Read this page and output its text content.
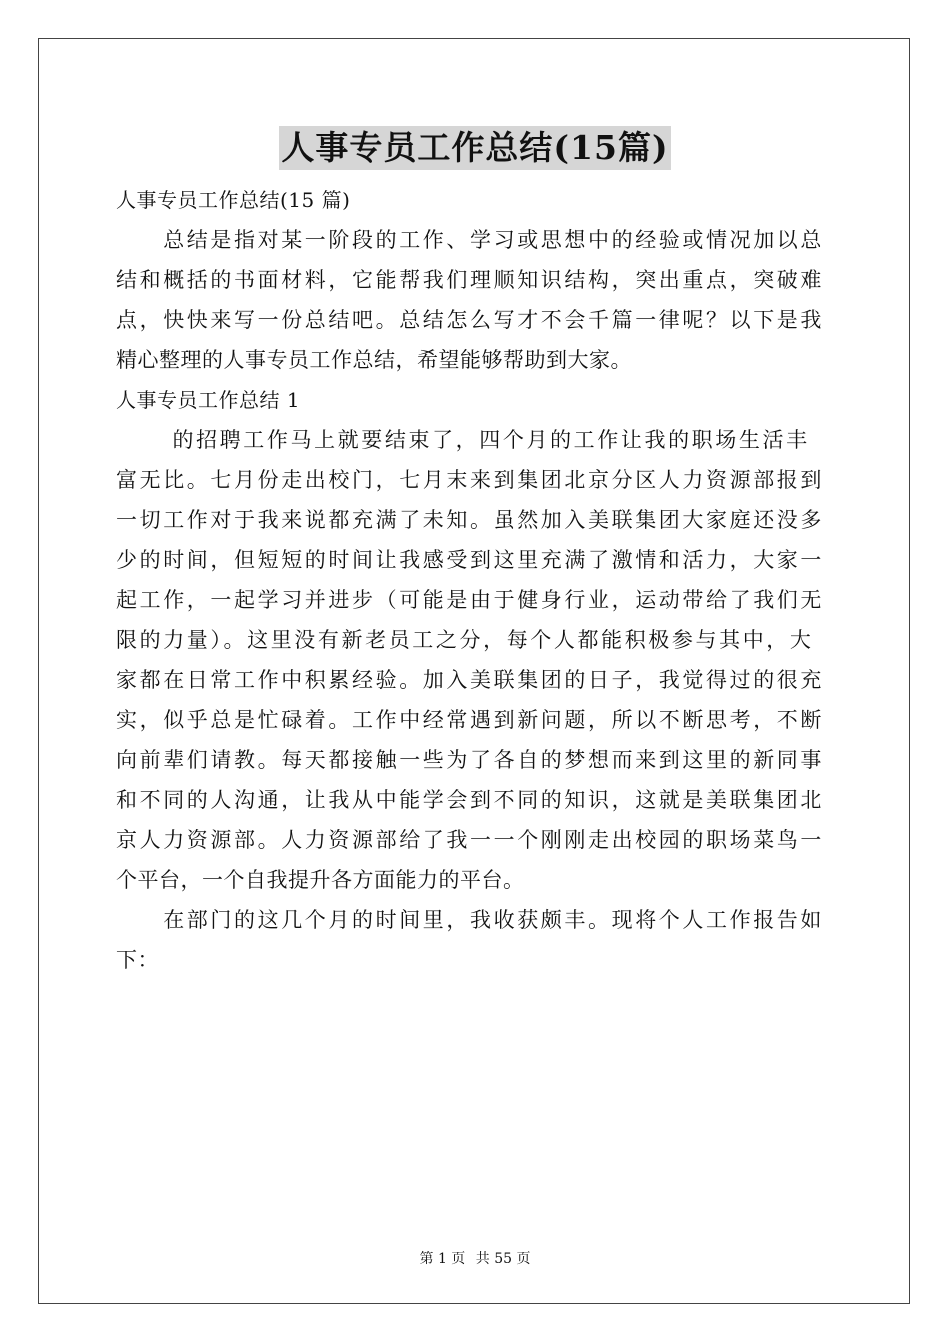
人事专员工作总结(15篇)
人事专员工作总结(15 篇)
　　总结是指对某一阶段的工作、学习或思想中的经验或情况加以总
结和概括的书面材料，它能帮我们理顺知识结构，突出重点，突破难
点，快快来写一份总结吧。总结怎么写才不会千篇一律呢？以下是我
精心整理的人事专员工作总结，希望能够帮助到大家。
人事专员工作总结 1
　　 的招聘工作马上就要结束了，四个月的工作让我的职场生活丰
富无比。七月份走出校门，七月末来到集团北京分区人力资源部报到
一切工作对于我来说都充满了未知。虽然加入美联集团大家庭还没多
少的时间，但短短的时间让我感受到这里充满了激情和活力，大家一
起工作，一起学习并进步（可能是由于健身行业，运动带给了我们无
限的力量）。这里没有新老员工之分，每个人都能积极参与其中，大
家都在日常工作中积累经验。加入美联集团的日子，我觉得过的很充
实，似乎总是忙碌着。工作中经常遇到新问题，所以不断思考，不断
向前辈们请教。每天都接触一些为了各自的梦想而来到这里的新同事
和不同的人沟通，让我从中能学会到不同的知识，这就是美联集团北
京人力资源部。人力资源部给了我一一个刚刚走出校园的职场菜鸟一
个平台，一个自我提升各方面能力的平台。
　　在部门的这几个月的时间里，我收获颇丰。现将个人工作报告如
下：
第 1 页 共 55 页
